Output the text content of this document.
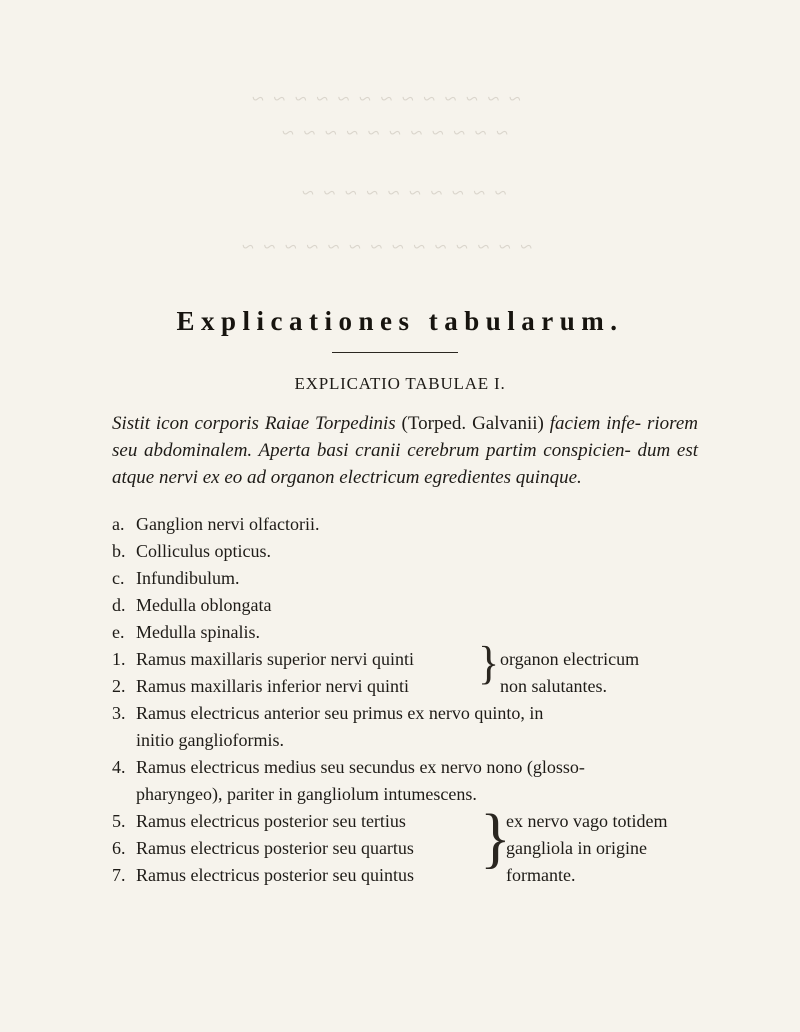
~ ~ ~ ~ ~ ~ ~ ~ ~ ~ ~ ~ ~
~ ~ ~ ~ ~ ~ ~ ~ ~ ~ ~
~ ~ ~ ~ ~ ~ ~ ~ ~ ~
~ ~ ~ ~ ~ ~ ~ ~ ~ ~ ~ ~ ~ ~
Explicationes tabularum.
EXPLICATIO TABULAE I.
Sistit icon corporis Raiae Torpedinis (Torped. Galvanii) faciem infe- riorem seu abdominalem. Aperta basi cranii cerebrum partim conspicien- dum est atque nervi ex eo ad organon electricum egredientes quinque.
a. Ganglion nervi olfactorii.
b. Colliculus opticus.
c. Infundibulum.
d. Medulla oblongata
e. Medulla spinalis.
1. Ramus maxillaris superior nervi quinti
2. Ramus maxillaris inferior nervi quinti } organon electricum
non salutantes.
3. Ramus electricus anterior seu primus ex nervo quinto, in
initio ganglioformis.
4. Ramus electricus medius seu secundus ex nervo nono (glosso-
pharyngeo), pariter in gangliolum intumescens.
5. Ramus electricus posterior seu tertius
6. Ramus electricus posterior seu quartus
7. Ramus electricus posterior seu quintus
}
ex nervo vago totidem
gangliola in origine
formante.
